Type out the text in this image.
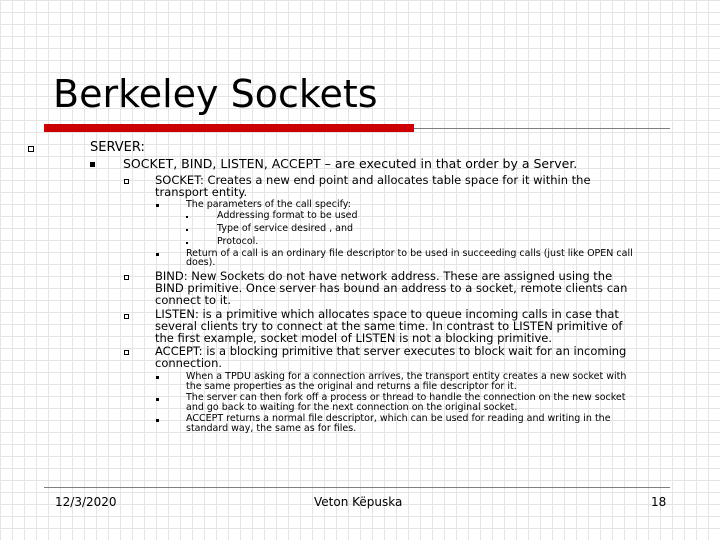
Berkeley Sockets
SERVER:
SOCKET, BIND, LISTEN, ACCEPT – are executed in that order by a Server.
SOCKET: Creates a new end point and allocates table space for it within the
transport entity.
The parameters of the call specify:
Addressing format to be used
Type of service desired , and
Protocol.
Return of a call is an ordinary file descriptor to be used in succeeding calls (just like OPEN call
does).
BIND: New Sockets do not have network address. These are assigned using the
BIND primitive. Once server has bound an address to a socket, remote clients can
connect to it.
LISTEN: is a primitive which allocates space to queue incoming calls in case that
several clients try to connect at the same time. In contrast to LISTEN primitive of
the first example, socket model of LISTEN is not a blocking primitive.
ACCEPT: is a blocking primitive that server executes to block wait for an incoming
connection.
When a TPDU asking for a connection arrives, the transport entity creates a new socket with
the same properties as the original and returns a file descriptor for it.
The server can then fork off a process or thread to handle the connection on the new socket
and go back to waiting for the next connection on the original socket.
ACCEPT returns a normal file descriptor, which can be used for reading and writing in the
standard way, the same as for files.
12/3/2020	Veton Këpuska	18
